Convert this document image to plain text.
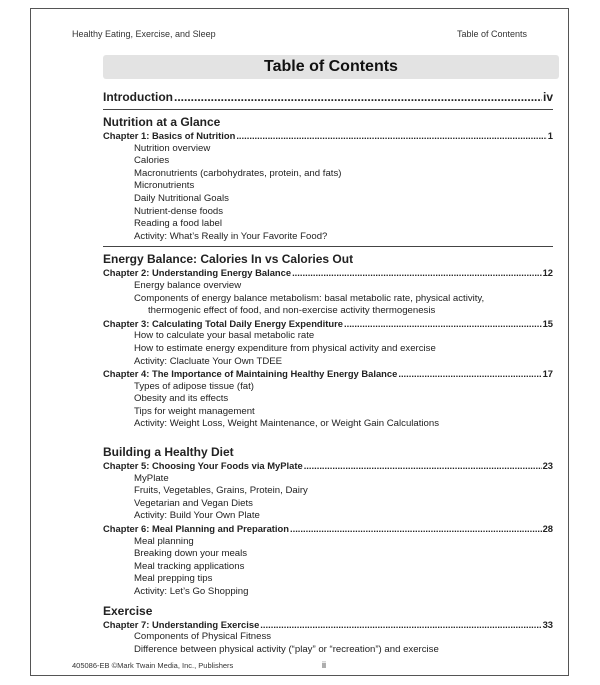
Healthy Eating, Exercise, and Sleep	Table of Contents
Table of Contents
Introduction .....	iv
Nutrition at a Glance
Chapter 1: Basics of Nutrition .....	1
Nutrition overview
Calories
Macronutrients (carbohydrates, protein, and fats)
Micronutrients
Daily Nutritional Goals
Nutrient-dense foods
Reading a food label
Activity: What’s Really in Your Favorite Food?
Energy Balance: Calories In vs Calories Out
Chapter 2: Understanding Energy Balance .....	12
Energy balance overview
Components of energy balance metabolism: basal metabolic rate, physical activity,
thermogenic effect of food, and non-exercise activity thermogenesis
Chapter 3: Calculating Total Daily Energy Expenditure .....	15
How to calculate your basal metabolic rate
How to estimate energy expenditure from physical activity and exercise
Activity: Clacluate Your Own TDEE
Chapter 4: The Importance of Maintaining Healthy Energy Balance .....	17
Types of adipose tissue (fat)
Obesity and its effects
Tips for weight management
Activity: Weight Loss, Weight Maintenance, or Weight Gain Calculations
Building a Healthy Diet
Chapter 5: Choosing Your Foods via MyPlate .....	23
MyPlate
Fruits, Vegetables, Grains, Protein, Dairy
Vegetarian and Vegan Diets
Activity: Build Your Own Plate
Chapter 6: Meal Planning and Preparation .....	28
Meal planning
Breaking down your meals
Meal tracking applications
Meal prepping tips
Activity: Let’s Go Shopping
Exercise
Chapter 7: Understanding Exercise .....	33
Components of Physical Fitness
Difference between physical activity (“play” or “recreation”) and exercise
405086-EB ©Mark Twain Media, Inc., Publishers	ii
